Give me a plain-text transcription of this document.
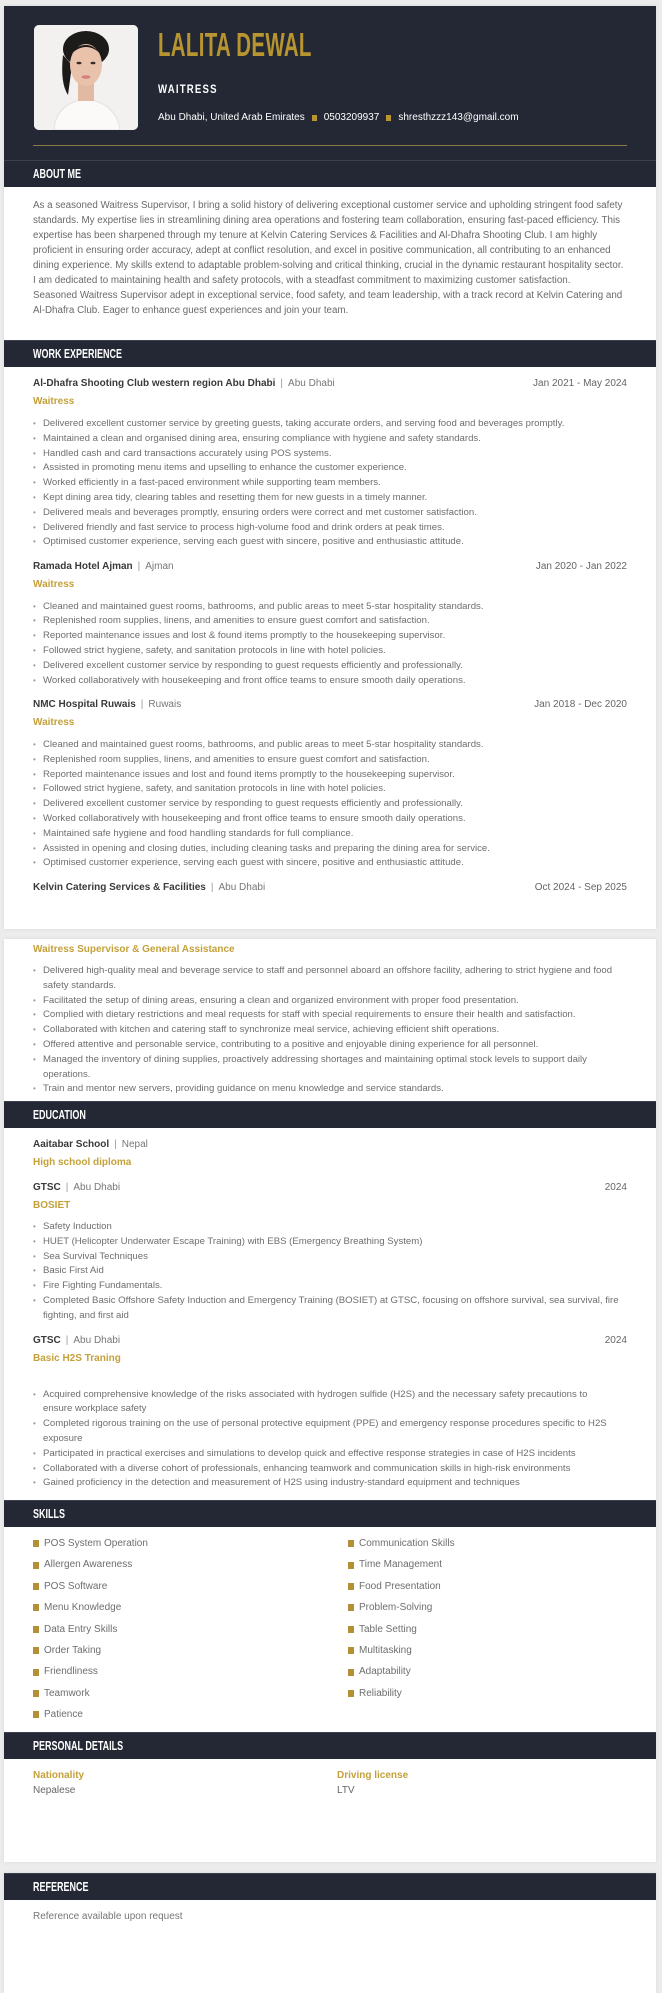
LALITA DEWAL
WAITRESS
Abu Dhabi, United Arab Emirates 0503209937 shresthzzz143@gmail.com
ABOUT ME

As a seasoned Waitress Supervisor, I bring a solid history of delivering exceptional customer service and upholding stringent food safety standards. My expertise lies in streamlining dining area operations and fostering team collaboration, ensuring fast-paced efficiency. This expertise has been sharpened through my tenure at Kelvin Catering Services & Facilities and Al-Dhafra Shooting Club. I am highly proficient in ensuring order accuracy, adept at conflict resolution, and excel in positive communication, all contributing to an enhanced dining experience. My skills extend to adaptable problem-solving and critical thinking, crucial in the dynamic restaurant hospitality sector. I am dedicated to maintaining health and safety protocols, with a steadfast commitment to maximizing customer satisfaction.

Seasoned Waitress Supervisor adept in exceptional service, food safety, and team leadership, with a track record at Kelvin Catering and Al-Dhafra Club. Eager to enhance guest experiences and join your team.

WORK EXPERIENCE
Al-Dhafra Shooting Club western region Abu Dhabi | Abu Dhabi	Jan 2021 - May 2024
Waitress
• Delivered excellent customer service by greeting guests, taking accurate orders, and serving food and beverages promptly.
• Maintained a clean and organised dining area, ensuring compliance with hygiene and safety standards.
• Handled cash and card transactions accurately using POS systems.
• Assisted in promoting menu items and upselling to enhance the customer experience.
• Worked efficiently in a fast-paced environment while supporting team members.
• Kept dining area tidy, clearing tables and resetting them for new guests in a timely manner.
• Delivered meals and beverages promptly, ensuring orders were correct and met customer satisfaction.
• Delivered friendly and fast service to process high-volume food and drink orders at peak times.
• Optimised customer experience, serving each guest with sincere, positive and enthusiastic attitude.
Ramada Hotel Ajman | Ajman	Jan 2020 - Jan 2022
Waitress
• Cleaned and maintained guest rooms, bathrooms, and public areas to meet 5-star hospitality standards.
• Replenished room supplies, linens, and amenities to ensure guest comfort and satisfaction.
• Reported maintenance issues and lost & found items promptly to the housekeeping supervisor.
• Followed strict hygiene, safety, and sanitation protocols in line with hotel policies.
• Delivered excellent customer service by responding to guest requests efficiently and professionally.
• Worked collaboratively with housekeeping and front office teams to ensure smooth daily operations.
NMC Hospital Ruwais | Ruwais	Jan 2018 - Dec 2020
Waitress
• Cleaned and maintained guest rooms, bathrooms, and public areas to meet 5-star hospitality standards.
• Replenished room supplies, linens, and amenities to ensure guest comfort and satisfaction.
• Reported maintenance issues and lost and found items promptly to the housekeeping supervisor.
• Followed strict hygiene, safety, and sanitation protocols in line with hotel policies.
• Delivered excellent customer service by responding to guest requests efficiently and professionally.
• Worked collaboratively with housekeeping and front office teams to ensure smooth daily operations.
• Maintained safe hygiene and food handling standards for full compliance.
• Assisted in opening and closing duties, including cleaning tasks and preparing the dining area for service.
• Optimised customer experience, serving each guest with sincere, positive and enthusiastic attitude.
Kelvin Catering Services & Facilities | Abu Dhabi	Oct 2024 - Sep 2025
Waitress Supervisor & General Assistance
• Delivered high-quality meal and beverage service to staff and personnel aboard an offshore facility, adhering to strict hygiene and food safety standards.
• Facilitated the setup of dining areas, ensuring a clean and organized environment with proper food presentation.
• Complied with dietary restrictions and meal requests for staff with special requirements to ensure their health and satisfaction.
• Collaborated with kitchen and catering staff to synchronize meal service, achieving efficient shift operations.
• Offered attentive and personable service, contributing to a positive and enjoyable dining experience for all personnel.
• Managed the inventory of dining supplies, proactively addressing shortages and maintaining optimal stock levels to support daily operations.
• Train and mentor new servers, providing guidance on menu knowledge and service standards.
EDUCATION
Aaitabar School | Nepal
High school diploma
GTSC | Abu Dhabi	2024
BOSIET
• Safety Induction
• HUET (Helicopter Underwater Escape Training) with EBS (Emergency Breathing System)
• Sea Survival Techniques
• Basic First Aid
• Fire Fighting Fundamentals.
• Completed Basic Offshore Safety Induction and Emergency Training (BOSIET) at GTSC, focusing on offshore survival, sea survival, fire fighting, and first aid
GTSC | Abu Dhabi	2024
Basic H2S Traning
• Acquired comprehensive knowledge of the risks associated with hydrogen sulfide (H2S) and the necessary safety precautions to ensure workplace safety
• Completed rigorous training on the use of personal protective equipment (PPE) and emergency response procedures specific to H2S exposure
• Participated in practical exercises and simulations to develop quick and effective response strategies in case of H2S incidents
• Collaborated with a diverse cohort of professionals, enhancing teamwork and communication skills in high-risk environments
• Gained proficiency in the detection and measurement of H2S using industry-standard equipment and techniques
SKILLS
POS System Operation	Communication Skills
Allergen Awareness	Time Management
POS Software	Food Presentation
Menu Knowledge	Problem-Solving
Data Entry Skills	Table Setting
Order Taking	Multitasking
Friendliness	Adaptability
Teamwork	Reliability
Patience
PERSONAL DETAILS
Nationality
Nepalese
Driving license
LTV
REFERENCE
Reference available upon request
